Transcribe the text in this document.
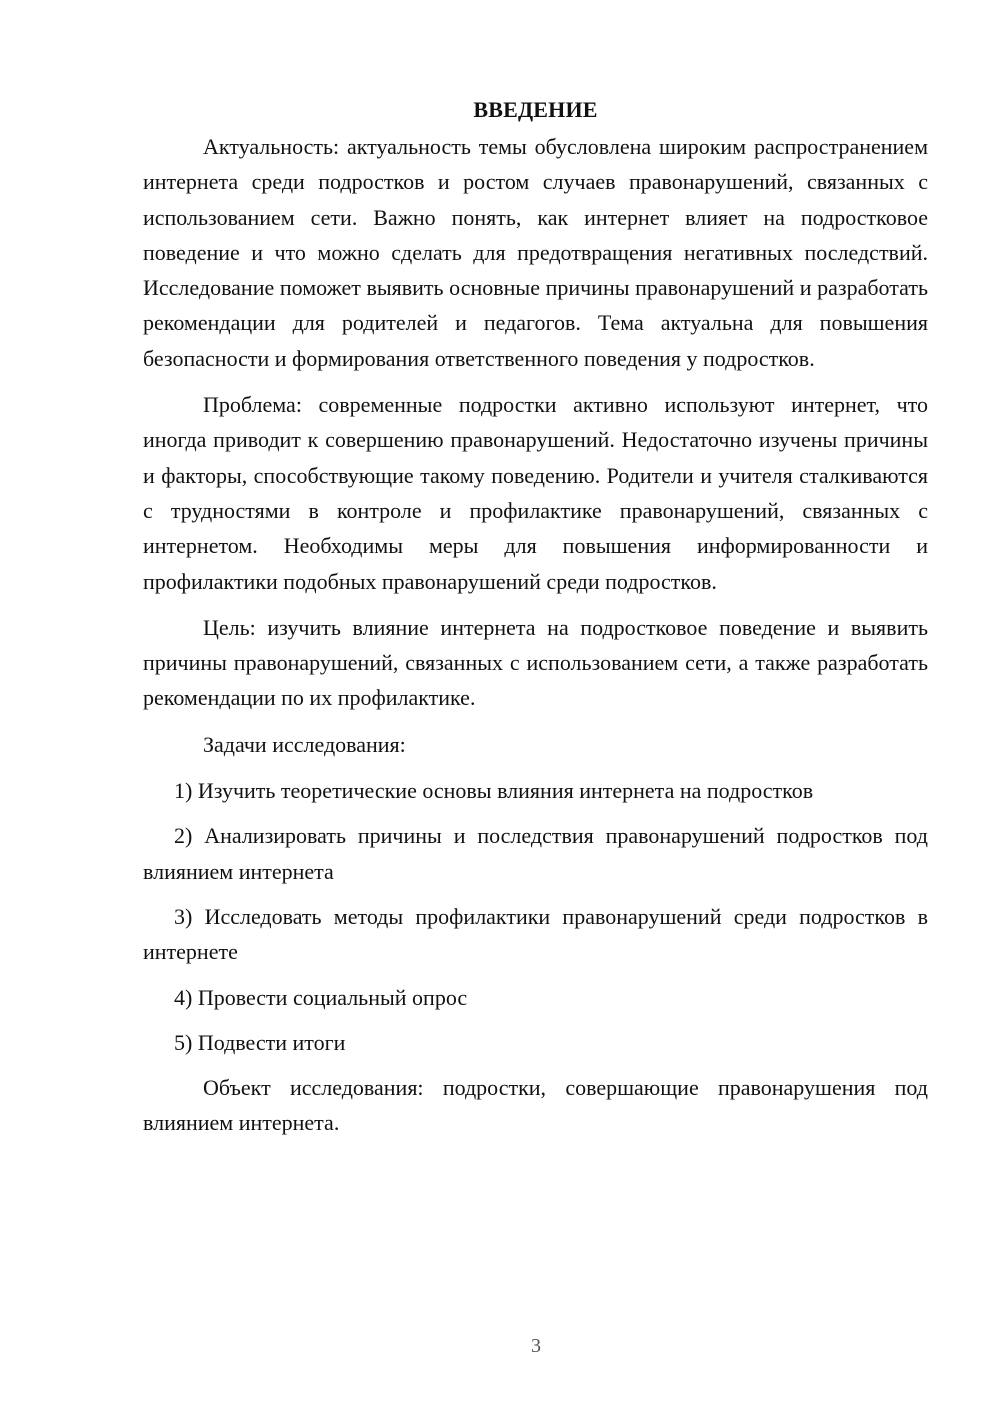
ВВЕДЕНИЕ

Актуальность: актуальность темы обусловлена широким распространением интернета среди подростков и ростом случаев правонарушений, связанных с использованием сети. Важно понять, как интернет влияет на подростковое поведение и что можно сделать для предотвращения негативных последствий. Исследование поможет выявить основные причины правонарушений и разработать рекомендации для родителей и педагогов. Тема актуальна для повышения безопасности и формирования ответственного поведения у подростков.

Проблема: современные подростки активно используют интернет, что иногда приводит к совершению правонарушений. Недостаточно изучены причины и факторы, способствующие такому поведению. Родители и учителя сталкиваются с трудностями в контроле и профилактике правонарушений, связанных с интернетом. Необходимы меры для повышения информированности и профилактики подобных правонарушений среди подростков.

Цель: изучить влияние интернета на подростковое поведение и выявить причины правонарушений, связанных с использованием сети, а также разработать рекомендации по их профилактике.

Задачи исследования:

1) Изучить теоретические основы влияния интернета на подростков

2) Анализировать причины и последствия правонарушений подростков под влиянием интернета

3) Исследовать методы профилактики правонарушений среди подростков в интернете

4) Провести социальный опрос

5) Подвести итоги

Объект исследования: подростки, совершающие правонарушения под влиянием интернета.

3
